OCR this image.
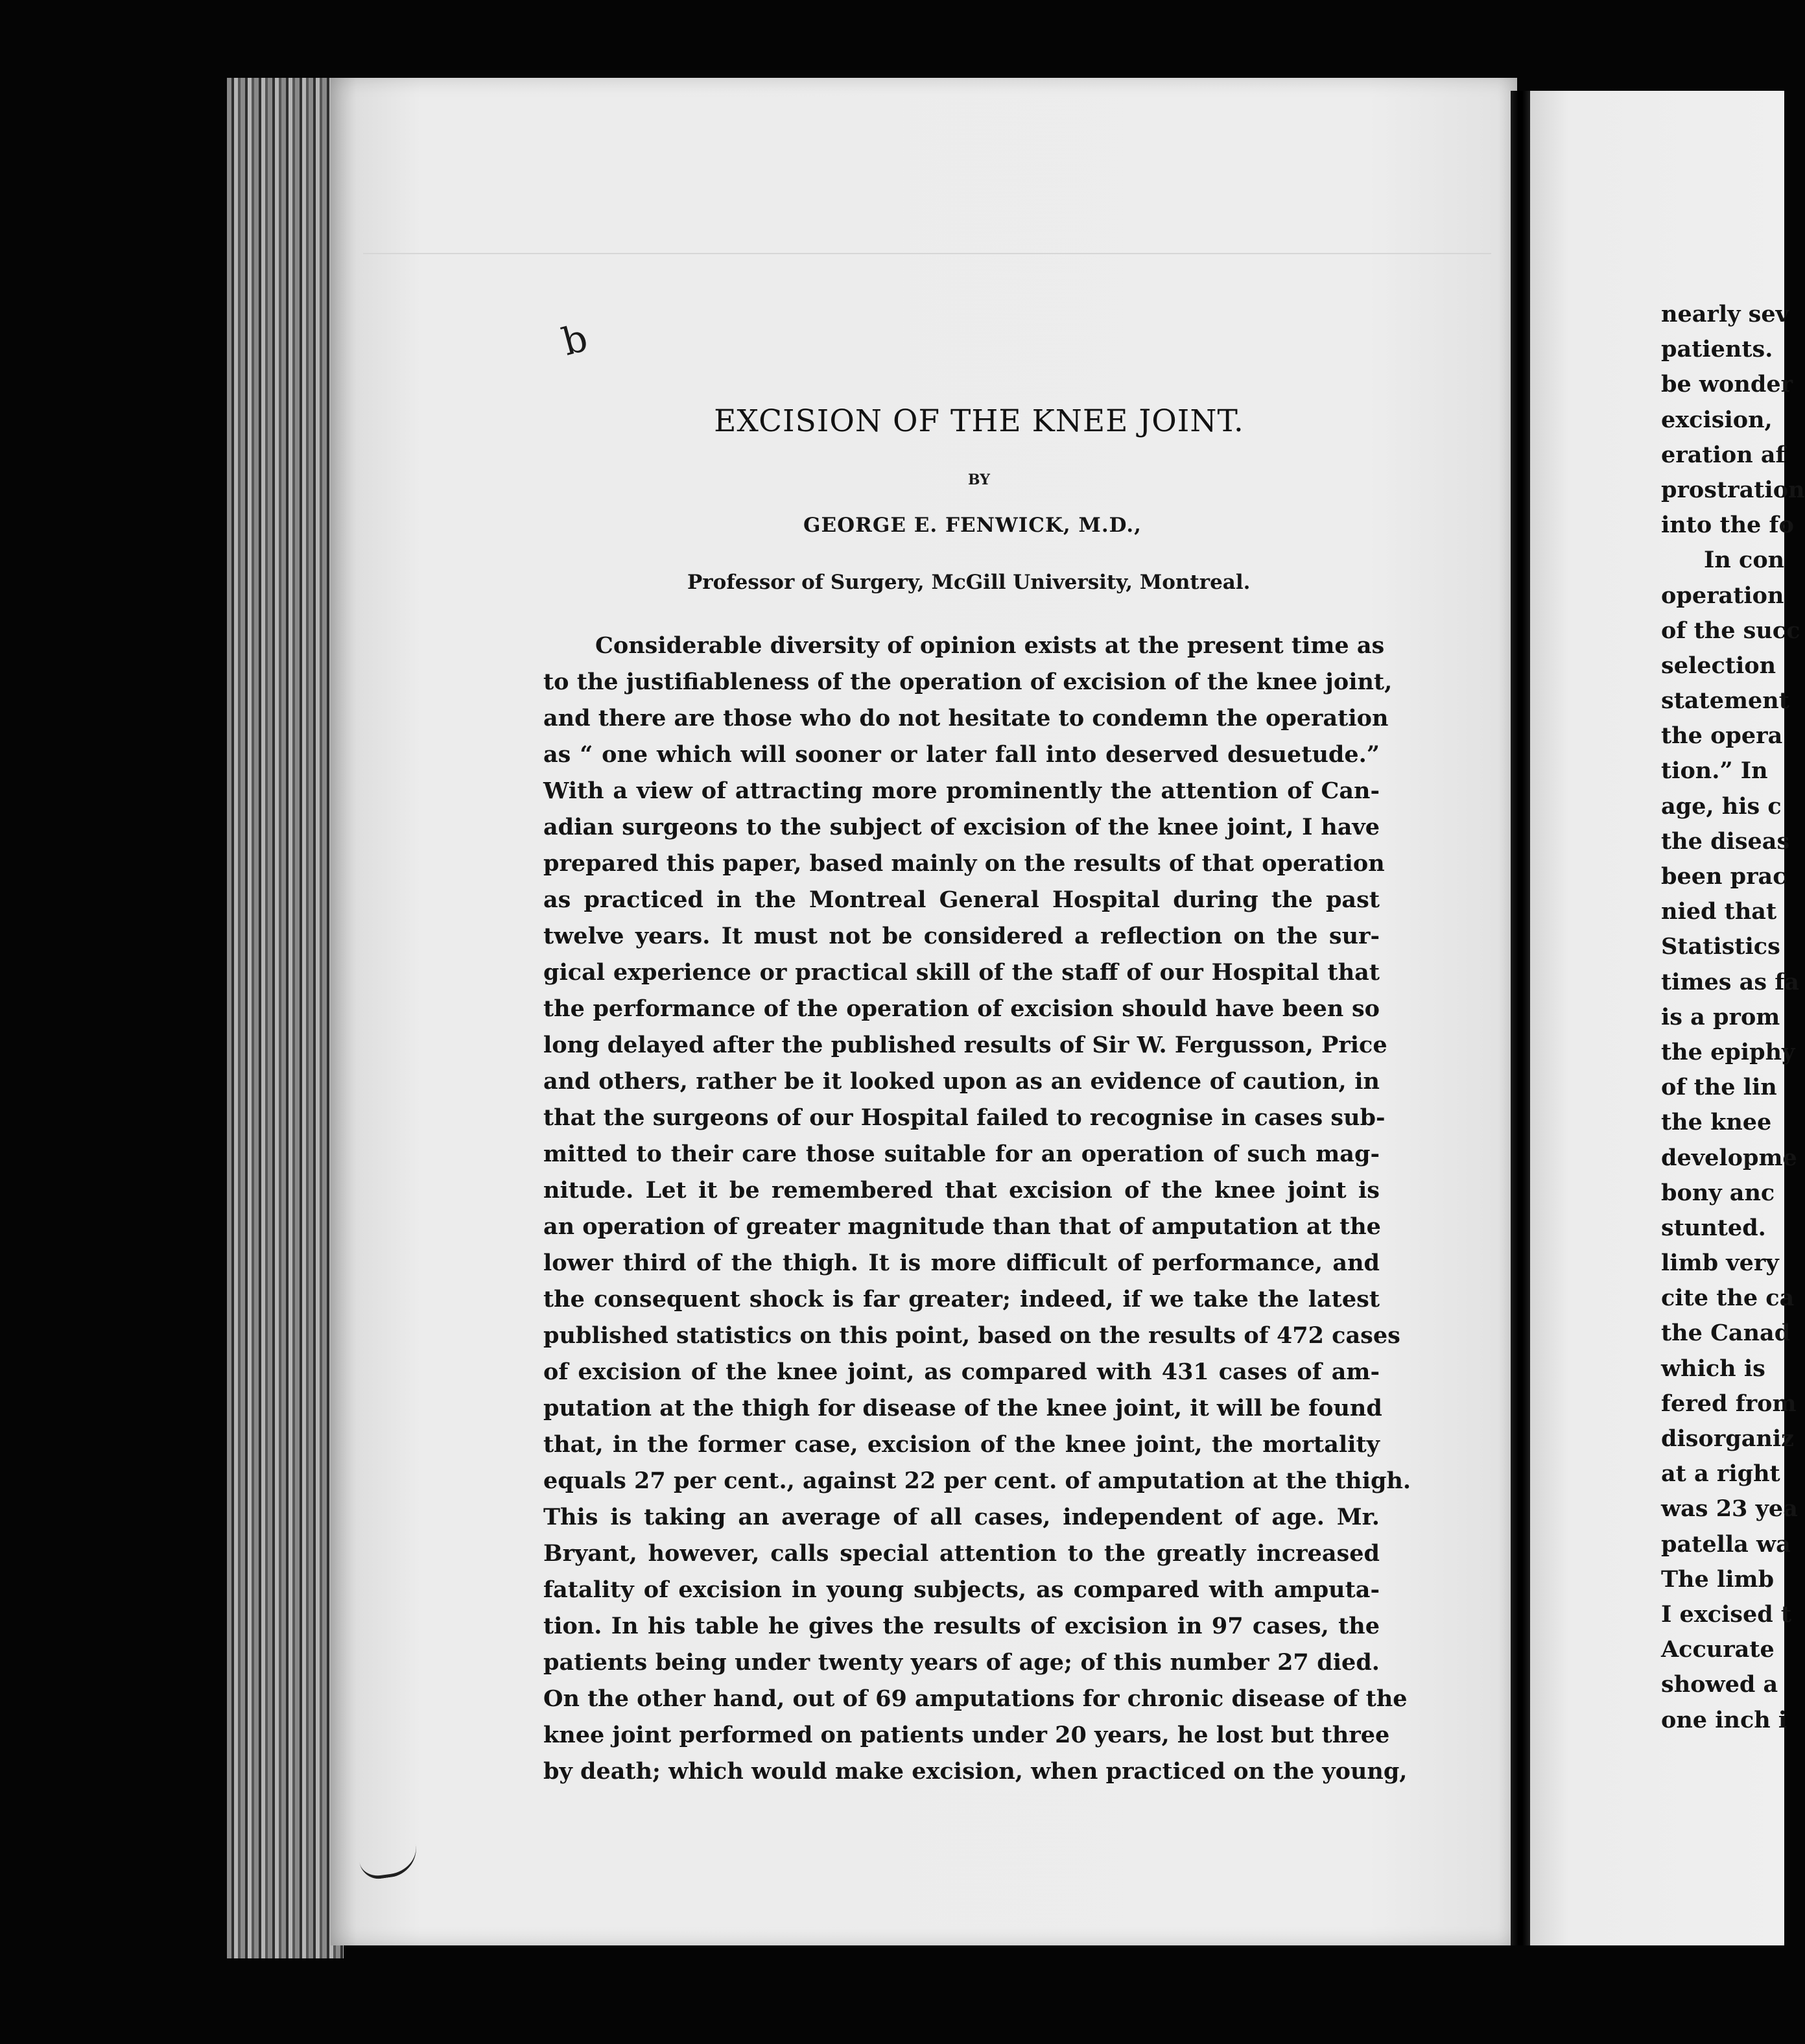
b
EXCISION OF THE KNEE JOINT.
BY
GEORGE E. FENWICK, M.D.,
Professor of Surgery, McGill University, Montreal.
Considerable diversity of opinion exists at the present time as
to the justifiableness of the operation of excision of the knee joint,
and there are those who do not hesitate to condemn the operation
as “ one which will sooner or later fall into deserved desuetude.”
With a view of attracting more prominently the attention of Can-
adian surgeons to the subject of excision of the knee joint, I have
prepared this paper, based mainly on the results of that operation
as practiced in the Montreal General Hospital during the past
twelve years. It must not be considered a reflection on the sur-
gical experience or practical skill of the staff of our Hospital that
the performance of the operation of excision should have been so
long delayed after the published results of Sir W. Fergusson, Price
and others, rather be it looked upon as an evidence of caution, in
that the surgeons of our Hospital failed to recognise in cases sub-
mitted to their care those suitable for an operation of such mag-
nitude. Let it be remembered that excision of the knee joint is
an operation of greater magnitude than that of amputation at the
lower third of the thigh. It is more difficult of performance, and
the consequent shock is far greater; indeed, if we take the latest
published statistics on this point, based on the results of 472 cases
of excision of the knee joint, as compared with 431 cases of am-
putation at the thigh for disease of the knee joint, it will be found
that, in the former case, excision of the knee joint, the mortality
equals 27 per cent., against 22 per cent. of amputation at the thigh.
This is taking an average of all cases, independent of age. Mr.
Bryant, however, calls special attention to the greatly increased
fatality of excision in young subjects, as compared with amputa-
tion. In his table he gives the results of excision in 97 cases, the
patients being under twenty years of age; of this number 27 died.
On the other hand, out of 69 amputations for chronic disease of the
knee joint performed on patients under 20 years, he lost but three
by death; which would make excision, when practiced on the young,
nearly sev
patients.
be wonder
excision,
eration af
prostration
into the fo
In con
operation
of the succ
selection
statement
the opera
tion.” In
age, his c
the diseas
been prac
nied that
Statistics
times as fa
is a prom
the epiphy
of the lin
the knee
developme
bony anc
stunted.
limb very
cite the ca
the Canad
which is
fered from
disorganiz
at a right
was 23 yea
patella wa
The limb
I excised t
Accurate
showed a
one inch i
